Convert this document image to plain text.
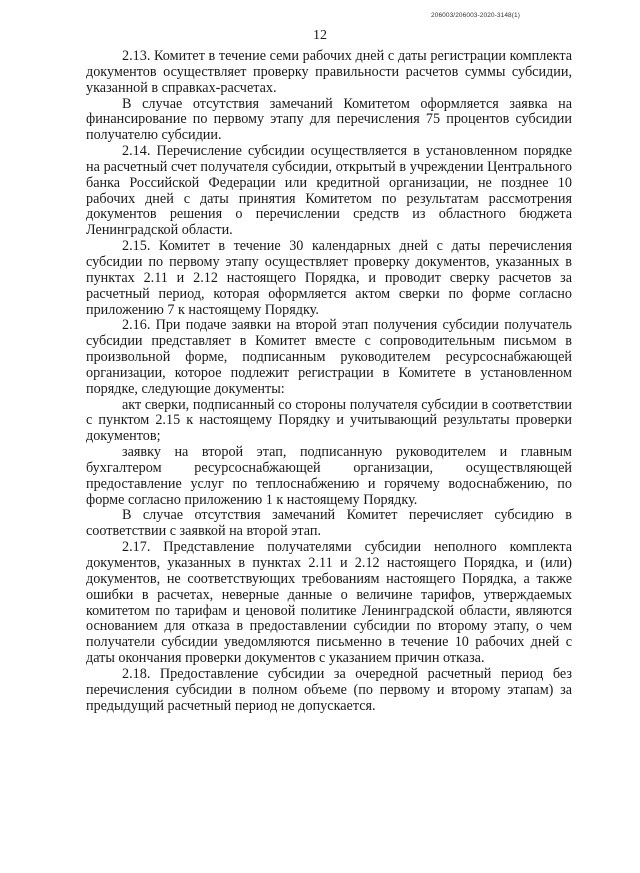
206003/206003-2020-3148(1)
12

2.13. Комитет в течение семи рабочих дней с даты регистрации комплекта документов осуществляет проверку правильности расчетов суммы субсидии, указанной в справках-расчетах.

В случае отсутствия замечаний Комитетом оформляется заявка на финансирование по первому этапу для перечисления 75 процентов субсидии получателю субсидии.

2.14. Перечисление субсидии осуществляется в установленном порядке на расчетный счет получателя субсидии, открытый в учреждении Центрального банка Российской Федерации или кредитной организации, не позднее 10 рабочих дней с даты принятия Комитетом по результатам рассмотрения документов решения о перечислении средств из областного бюджета Ленинградской области.

2.15. Комитет в течение 30 календарных дней с даты перечисления субсидии по первому этапу осуществляет проверку документов, указанных в пунктах 2.11 и 2.12 настоящего Порядка, и проводит сверку расчетов за расчетный период, которая оформляется актом сверки по форме согласно приложению 7 к настоящему Порядку.

2.16. При подаче заявки на второй этап получения субсидии получатель субсидии представляет в Комитет вместе с сопроводительным письмом в произвольной форме, подписанным руководителем ресурсоснабжающей организации, которое подлежит регистрации в Комитете в установленном порядке, следующие документы:

акт сверки, подписанный со стороны получателя субсидии в соответствии с пунктом 2.15 к настоящему Порядку и учитывающий результаты проверки документов;

заявку на второй этап, подписанную руководителем и главным бухгалтером ресурсоснабжающей организации, осуществляющей предоставление услуг по теплоснабжению и горячему водоснабжению, по форме согласно приложению 1 к настоящему Порядку.

В случае отсутствия замечаний Комитет перечисляет субсидию в соответствии с заявкой на второй этап.

2.17. Представление получателями субсидии неполного комплекта документов, указанных в пунктах 2.11 и 2.12 настоящего Порядка, и (или) документов, не соответствующих требованиям настоящего Порядка, а также ошибки в расчетах, неверные данные о величине тарифов, утверждаемых комитетом по тарифам и ценовой политике Ленинградской области, являются основанием для отказа в предоставлении субсидии по второму этапу, о чем получатели субсидии уведомляются письменно в течение 10 рабочих дней с даты окончания проверки документов с указанием причин отказа.

2.18. Предоставление субсидии за очередной расчетный период без перечисления субсидии в полном объеме (по первому и второму этапам) за предыдущий расчетный период не допускается.
